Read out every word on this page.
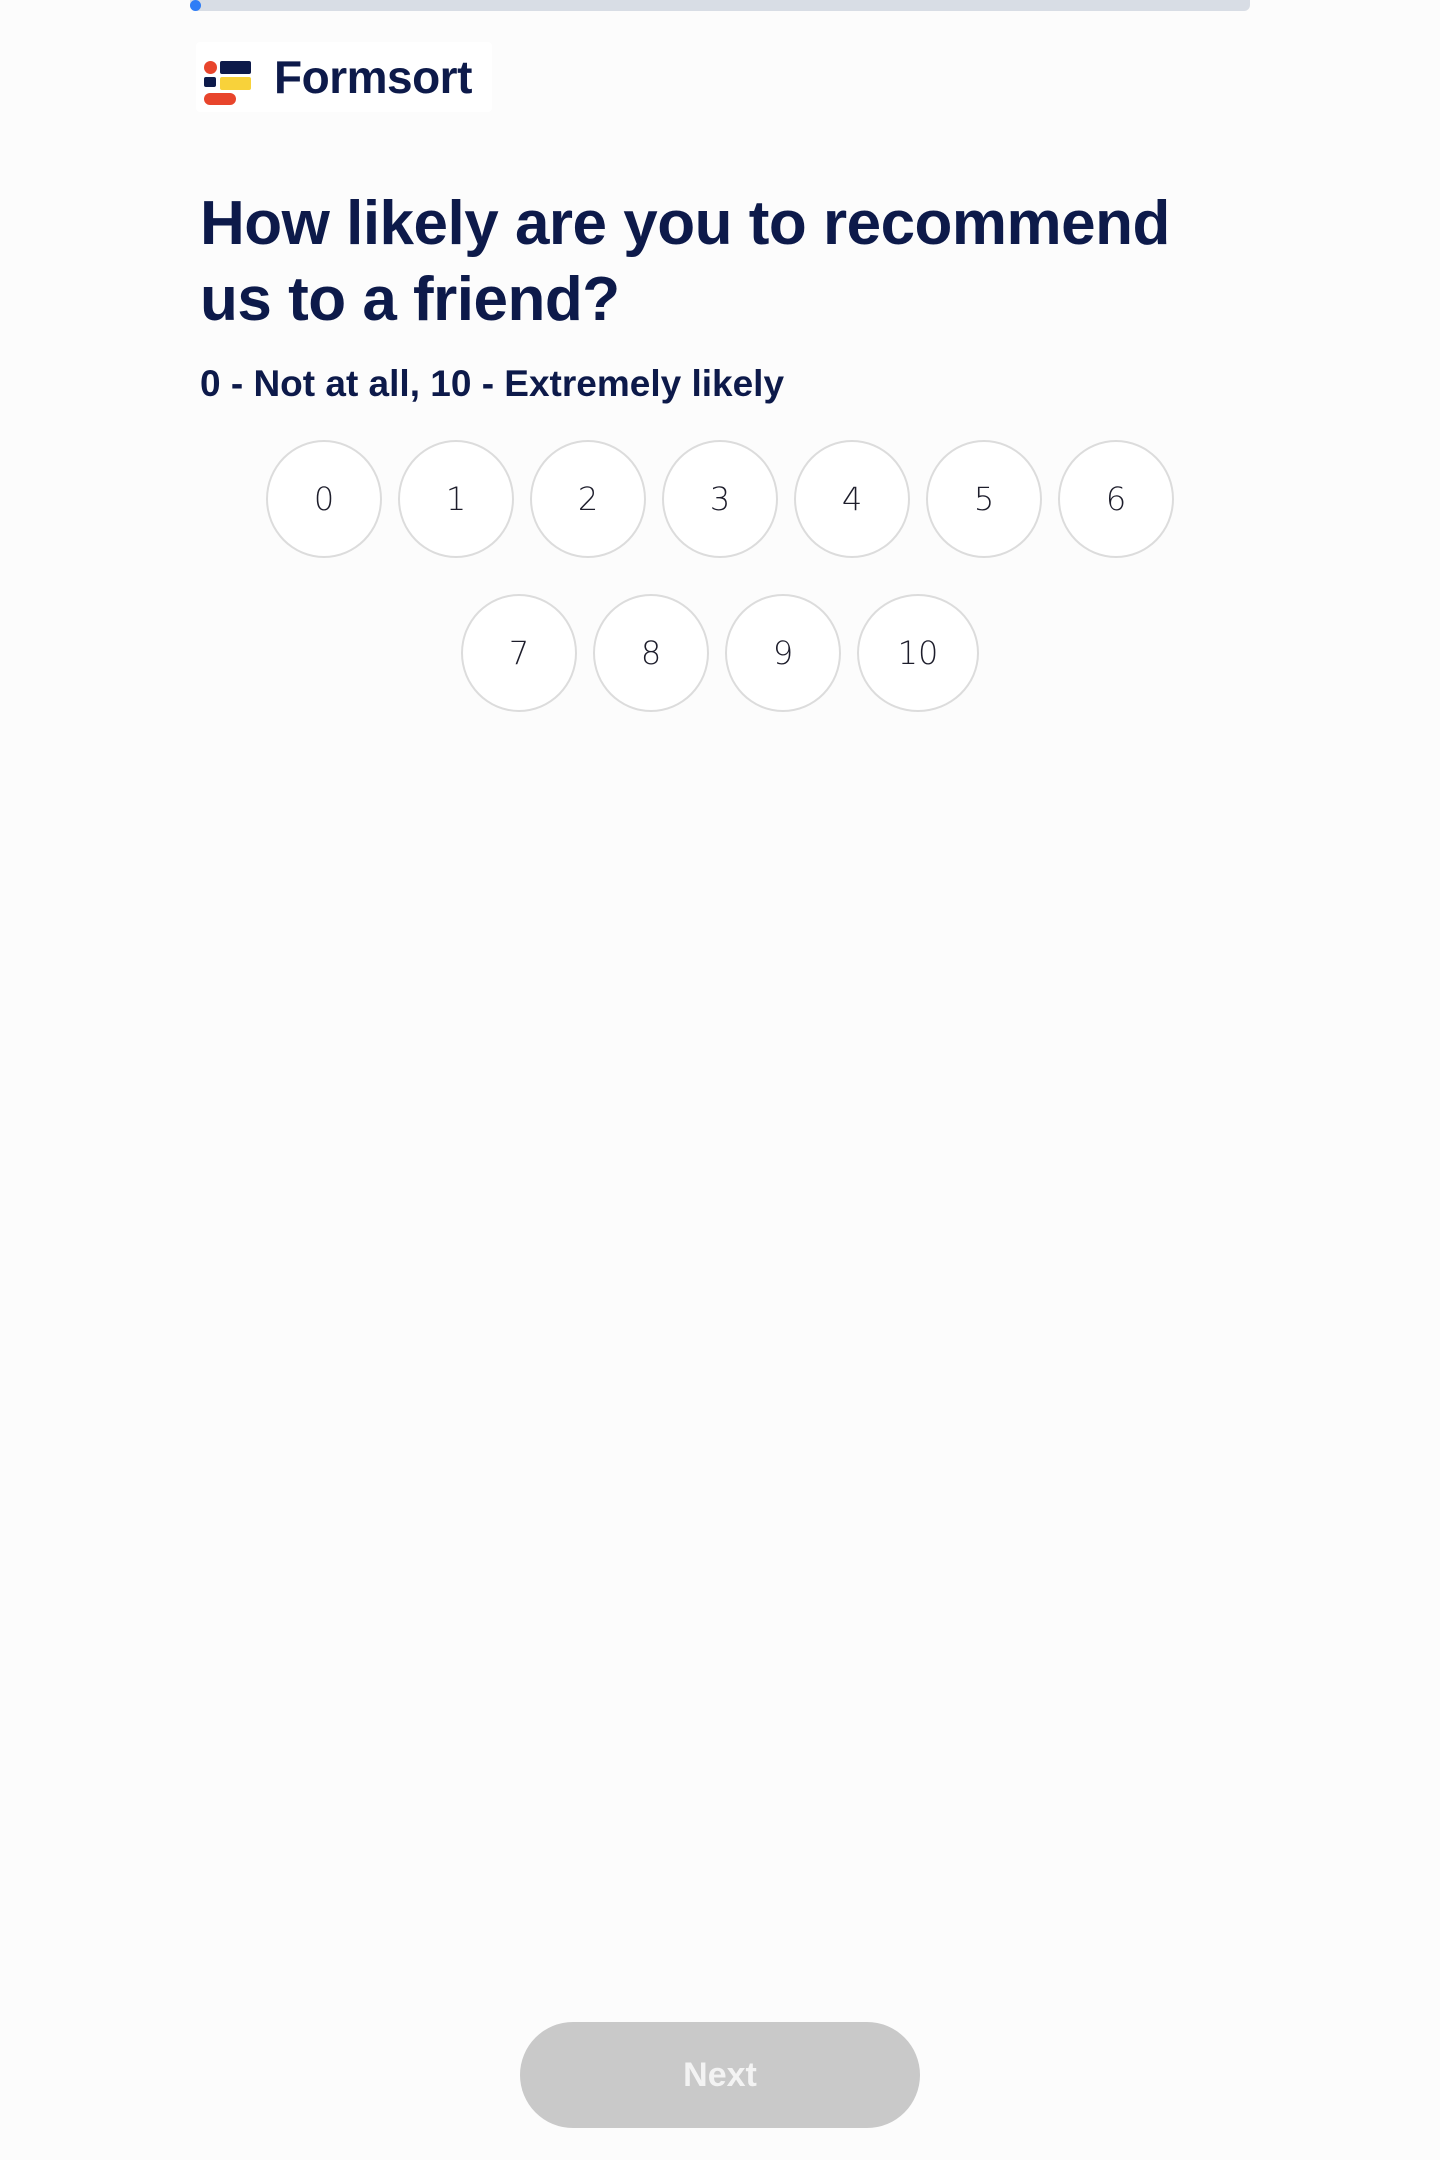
Formsort
How likely are you to recommend us to a friend?

0 - Not at all, 10 - Extremely likely

0	1	2	3	4	5	6
7	8	9	10
Next
